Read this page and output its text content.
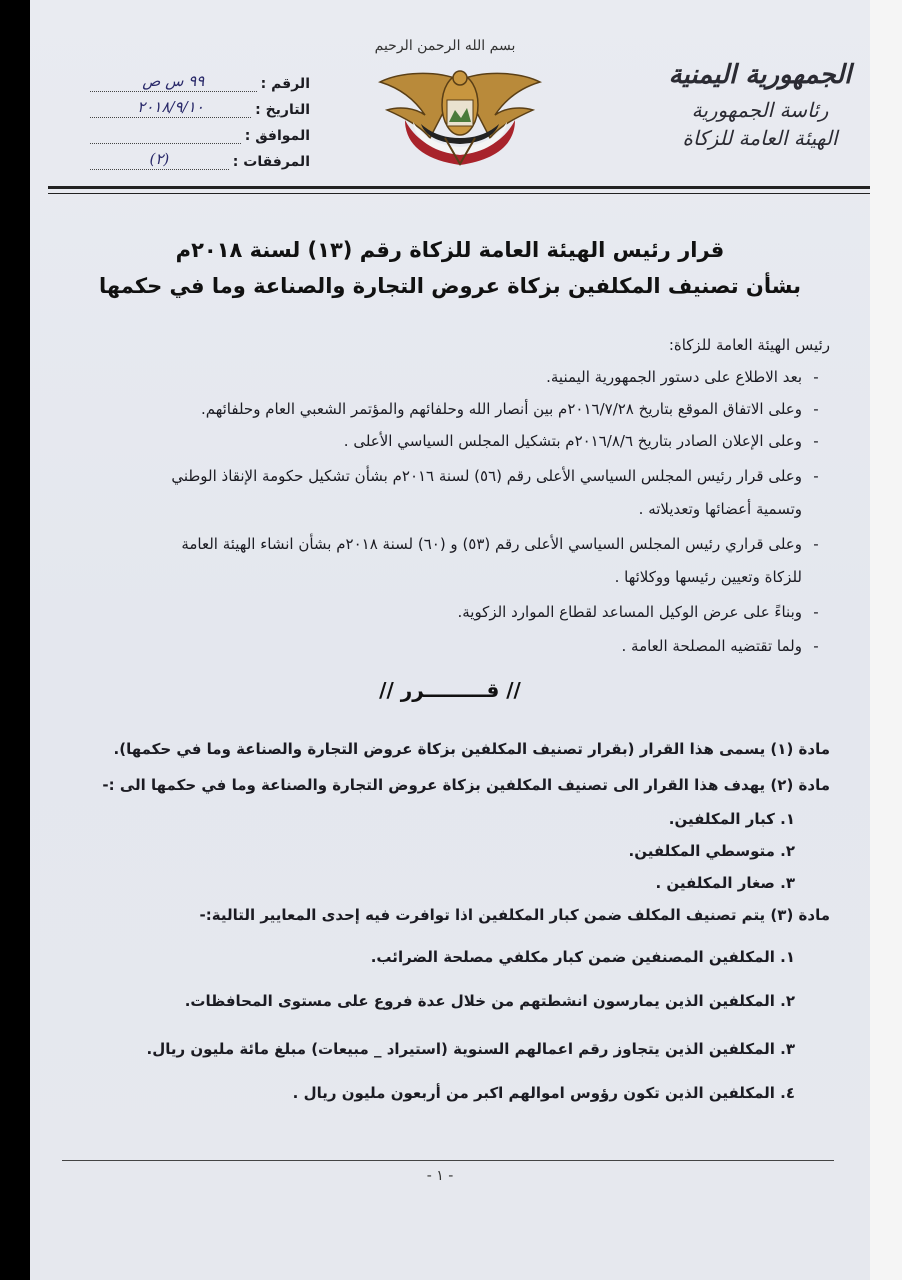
الجمهورية اليمنية
رئاسة الجمهورية
الهيئة العامة للزكاة
بسم الله الرحمن الرحيم
الرقم :
٩٩ س ص
التاريخ :
٢٠١٨/٩/١٠
الموافق :
المرفقات :
(٢)
قرار رئيس الهيئة العامة للزكاة رقم (١٣) لسنة ٢٠١٨م
بشأن تصنيف المكلفين بزكاة عروض التجارة والصناعة وما في حكمها
رئيس الهيئة العامة للزكاة:
-بعد الاطلاع على دستور الجمهورية اليمنية.
-وعلى الاتفاق الموقع بتاريخ ٢٠١٦/٧/٢٨م بين أنصار الله وحلفائهم والمؤتمر الشعبي العام وحلفائهم.
-وعلى الإعلان الصادر بتاريخ ٢٠١٦/٨/٦م بتشكيل المجلس السياسي الأعلى .
-وعلى قرار رئيس المجلس السياسي الأعلى رقم (٥٦) لسنة ٢٠١٦م بشأن تشكيل حكومة الإنقاذ الوطني
وتسمية أعضائها وتعديلاته .
-وعلى قراري رئيس المجلس السياسي الأعلى رقم (٥٣) و (٦٠) لسنة ٢٠١٨م بشأن انشاء الهيئة العامة
للزكاة وتعيين رئيسها ووكلائها .
-وبناءً على عرض الوكيل المساعد لقطاع الموارد الزكوية.
-ولما تقتضيه المصلحة العامة .
// قـــــــــرر //
مادة (١) يسمى هذا القرار (بقرار تصنيف المكلفين بزكاة عروض التجارة والصناعة وما في حكمها).
مادة (٢) يهدف هذا القرار الى تصنيف المكلفين بزكاة عروض التجارة والصناعة وما في حكمها الى :-
١. كبار المكلفين.
٢. متوسطي المكلفين.
٣. صغار المكلفين .
مادة (٣) يتم تصنيف المكلف ضمن كبار المكلفين اذا توافرت فيه إحدى المعايير التالية:-
١. المكلفين المصنفين ضمن كبار مكلفي مصلحة الضرائب.
٢. المكلفين الذين يمارسون انشطتهم من خلال عدة فروع على مستوى المحافظات.
٣. المكلفين الذين يتجاوز رقم اعمالهم السنوية (استيراد _ مبيعات) مبلغ مائة مليون ريال.
٤. المكلفين الذين تكون رؤوس اموالهم اكبر من أربعون مليون ريال .
- ١ -
